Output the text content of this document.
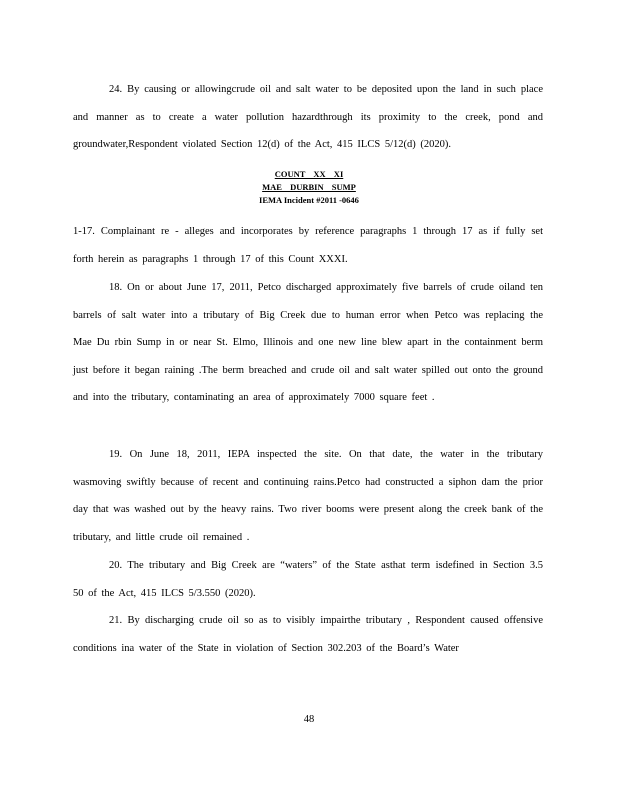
24. By causing or allowingcrude oil and salt water to be deposited upon the land in such place and manner as to create a water pollution hazardthrough its proximity to the creek, pond and groundwater,Respondent violated Section 12(d) of the Act, 415 ILCS 5/12(d) (2020).
COUNT XX XI
MAE DURBIN SUMP
IEMA Incident #2011 -0646
1-17. Complainant re - alleges and incorporates by reference paragraphs 1 through 17 as if fully set forth herein as paragraphs 1 through 17 of this Count XXXI.
18. On or about June 17, 2011, Petco discharged approximately five barrels of crude oiland ten barrels of salt water into a tributary of Big Creek due to human error when Petco was replacing the Mae Du rbin Sump in or near St. Elmo, Illinois and one new line blew apart in the containment berm just before it began raining .The berm breached and crude oil and salt water spilled out onto the ground and into the tributary, contaminating an area of approximately 7000 square feet .
19. On June 18, 2011, IEPA inspected the site. On that date, the water in the tributary wasmoving swiftly because of recent and continuing rains.Petco had constructed a siphon dam the prior day that was washed out by the heavy rains. Two river booms were present along the creek bank of the tributary, and little crude oil remained .
20. The tributary and Big Creek are “waters” of the State asthat term isdefined in Section 3.5 50 of the Act, 415 ILCS 5/3.550 (2020).
21. By discharging crude oil so as to visibly impairthe tributary , Respondent caused offensive conditions ina water of the State in violation of Section 302.203 of the Board’s Water
48
